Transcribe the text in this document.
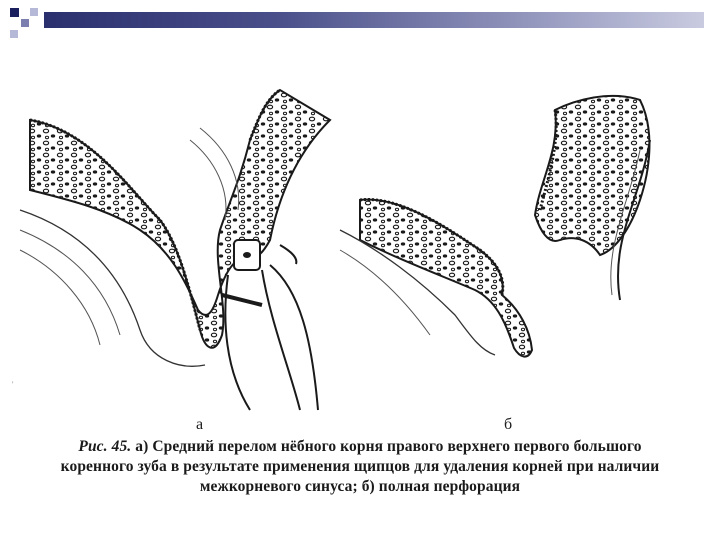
'
а	б
Рис. 45. а) Средний перелом нёбного корня правого верхнего первого большого коренного зуба в результате применения щипцов для удаления корней при наличии межкорневого синуса; б) полная перфорация
